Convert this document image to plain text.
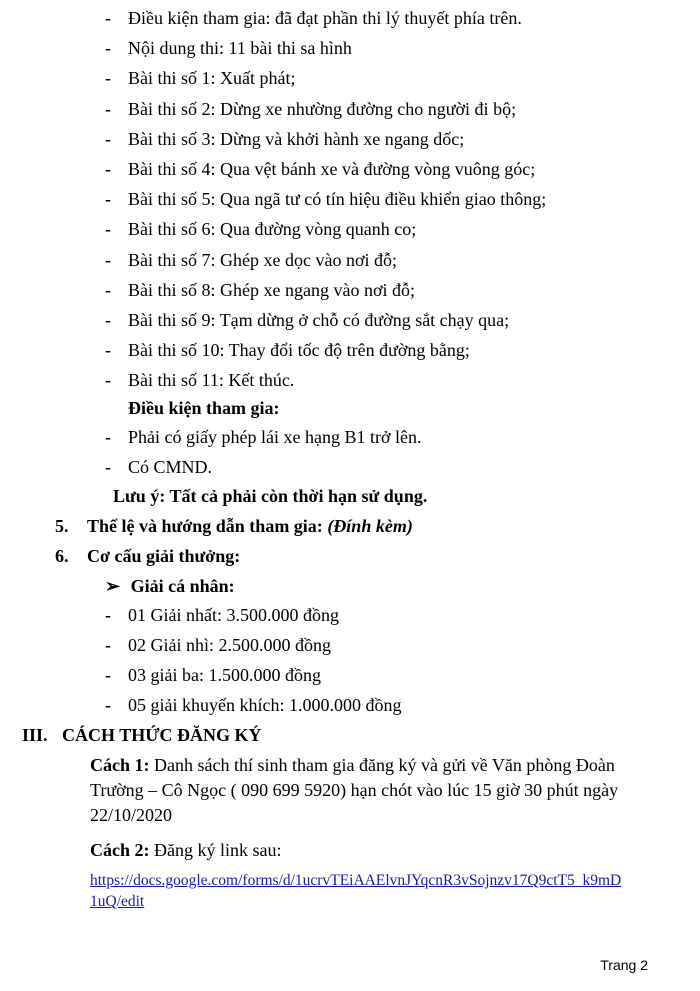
- Điều kiện tham gia: đã đạt phần thi lý thuyết phía trên.
- Nội dung thi: 11 bài thi sa hình
- Bài thi số 1: Xuất phát;
- Bài thi số 2: Dừng xe nhường đường cho người đi bộ;
- Bài thi số 3: Dừng và khởi hành xe ngang dốc;
- Bài thi số 4: Qua vệt bánh xe và đường vòng vuông góc;
- Bài thi số 5: Qua ngã tư có tín hiệu điều khiển giao thông;
- Bài thi số 6: Qua đường vòng quanh co;
- Bài thi số 7: Ghép xe dọc vào nơi đỗ;
- Bài thi số 8: Ghép xe ngang vào nơi đỗ;
- Bài thi số 9: Tạm dừng ở chỗ có đường sắt chạy qua;
- Bài thi số 10: Thay đổi tốc độ trên đường bằng;
- Bài thi số 11: Kết thúc.
Điều kiện tham gia:
- Phải có giấy phép lái xe hạng B1 trở lên.
- Có CMND.
Lưu ý: Tất cả phải còn thời hạn sử dụng.
5. Thể lệ và hướng dẫn tham gia: (Đính kèm)
6. Cơ cấu giải thưởng:
➢ Giải cá nhân:
- 01 Giải nhất: 3.500.000 đồng
- 02 Giải nhì: 2.500.000 đồng
- 03 giải ba: 1.500.000 đồng
- 05 giải khuyến khích: 1.000.000 đồng
III. CÁCH THỨC ĐĂNG KÝ
Cách 1: Danh sách thí sinh tham gia đăng ký và gửi về Văn phòng Đoàn
Trường – Cô Ngọc ( 090 699 5920) hạn chót vào lúc 15 giờ 30 phút ngày
22/10/2020
Cách 2: Đăng ký link sau:
https://docs.google.com/forms/d/1ucrvTEiAAElvnJYqcnR3vSojnzv17Q9ctT5_k9mD
1uQ/edit
Trang 2
